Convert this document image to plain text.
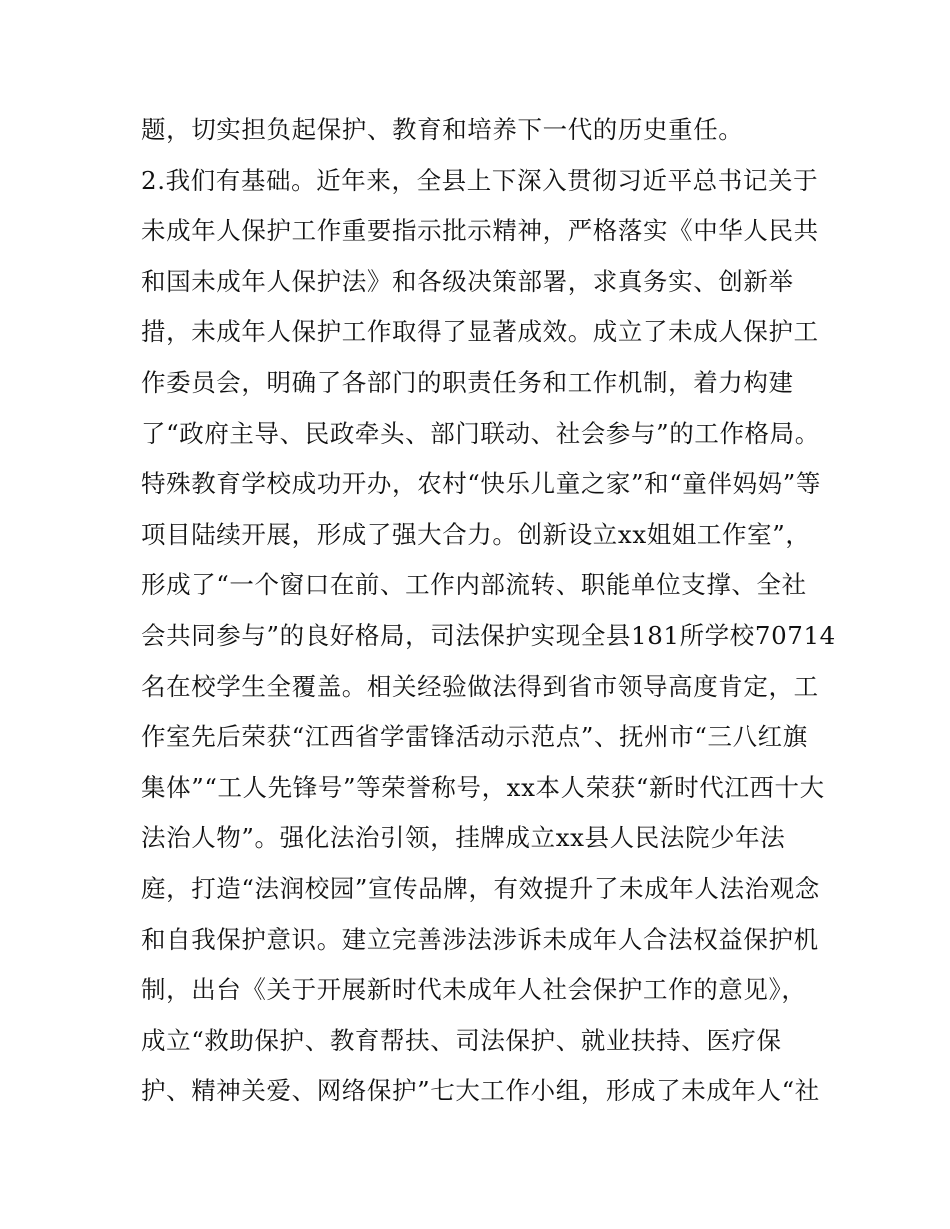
题，切实担负起保护、教育和培养下一代的历史重任。
2.我们有基础。近年来，全县上下深入贯彻习近平总书记关于
未成年人保护工作重要指示批示精神，严格落实《中华人民共
和国未成年人保护法》和各级决策部署，求真务实、创新举
措，未成年人保护工作取得了显著成效。成立了未成人保护工
作委员会，明确了各部门的职责任务和工作机制，着力构建
了“政府主导、民政牵头、部门联动、社会参与”的工作格局。
特殊教育学校成功开办，农村“快乐儿童之家”和“童伴妈妈”等
项目陆续开展，形成了强大合力。创新设立xx姐姐工作室”，
形成了“一个窗口在前、工作内部流转、职能单位支撑、全社
会共同参与”的良好格局，司法保护实现全县181所学校70714
名在校学生全覆盖。相关经验做法得到省市领导高度肯定，工
作室先后荣获“江西省学雷锋活动示范点”、抚州市“三八红旗
集体”“工人先锋号”等荣誉称号，xx本人荣获“新时代江西十大
法治人物”。强化法治引领，挂牌成立xx县人民法院少年法
庭，打造“法润校园”宣传品牌，有效提升了未成年人法治观念
和自我保护意识。建立完善涉法涉诉未成年人合法权益保护机
制，出台《关于开展新时代未成年人社会保护工作的意见》，
成立“救助保护、教育帮扶、司法保护、就业扶持、医疗保
护、精神关爱、网络保护”七大工作小组，形成了未成年人“社
